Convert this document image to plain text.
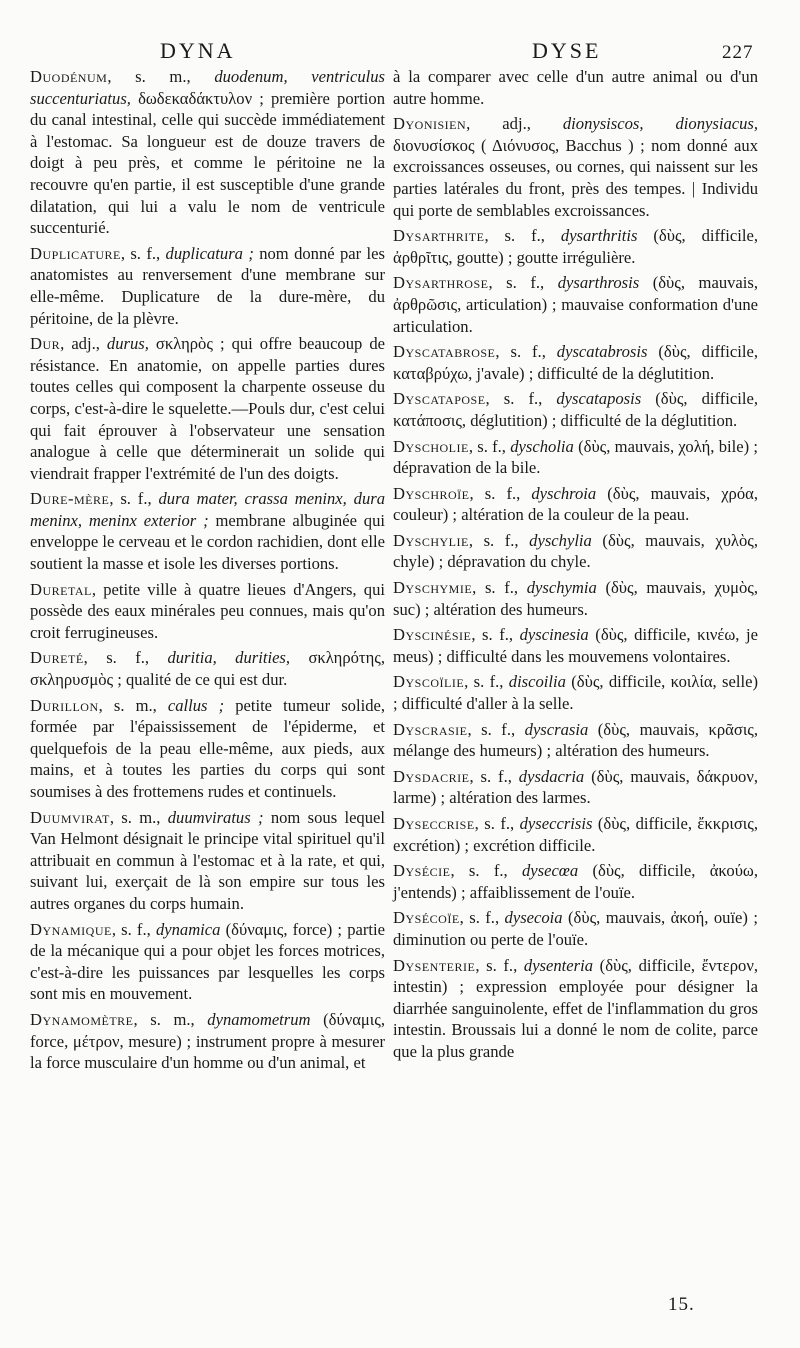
DYNA	DYSE	227

Duodénum, s. m., duodenum, ventriculus succenturiatus, δωδεκαδάκτυλον ; première portion du canal intestinal, celle qui succède immédiatement à l'estomac. Sa longueur est de douze travers de doigt à peu près, et comme le péritoine ne la recouvre qu'en partie, il est susceptible d'une grande dilatation, qui lui a valu le nom de ventricule succenturié.

Duplicature, s. f., duplicatura ; nom donné par les anatomistes au renversement d'une membrane sur elle-même. Duplicature de la dure-mère, du péritoine, de la plèvre.

Dur, adj., durus, σκληρὸς ; qui offre beaucoup de résistance. En anatomie, on appelle parties dures toutes celles qui composent la charpente osseuse du corps, c'est-à-dire le squelette.—Pouls dur, c'est celui qui fait éprouver à l'observateur une sensation analogue à celle que déterminerait un solide qui viendrait frapper l'extrémité de l'un des doigts.

Dure-mère, s. f., dura mater, crassa meninx, dura meninx, meninx exterior ; membrane albuginée qui enveloppe le cerveau et le cordon rachidien, dont elle soutient la masse et isole les diverses portions.

Duretal, petite ville à quatre lieues d'Angers, qui possède des eaux minérales peu connues, mais qu'on croit ferrugineuses.

Dureté, s. f., duritia, durities, σκληρότης, σκληρυσμὸς ; qualité de ce qui est dur.

Durillon, s. m., callus ; petite tumeur solide, formée par l'épaississement de l'épiderme, et quelquefois de la peau elle-même, aux pieds, aux mains, et à toutes les parties du corps qui sont soumises à des frottemens rudes et continuels.

Duumvirat, s. m., duumviratus ; nom sous lequel Van Helmont désignait le principe vital spirituel qu'il attribuait en commun à l'estomac et à la rate, et qui, suivant lui, exerçait de là son empire sur tous les autres organes du corps humain.

Dynamique, s. f., dynamica (δύναμις, force) ; partie de la mécanique qui a pour objet les forces motrices, c'est-à-dire les puissances par lesquelles les corps sont mis en mouvement.

Dynamomètre, s. m., dynamometrum (δύναμις, force, μέτρον, mesure) ; instrument propre à mesurer la force musculaire d'un homme ou d'un animal, et

à la comparer avec celle d'un autre animal ou d'un autre homme.

Dyonisien, adj., dionysiscos, dionysiacus, διονυσίσκος ( Διόνυσος, Bacchus ) ; nom donné aux excroissances osseuses, ou cornes, qui naissent sur les parties latérales du front, près des tempes. | Individu qui porte de semblables excroissances.

Dysarthrite, s. f., dysarthritis (δὺς, difficile, ἀρθρῖτις, goutte) ; goutte irrégulière.

Dysarthrose, s. f., dysarthrosis (δὺς, mauvais, ἀρθρῶσις, articulation) ; mauvaise conformation d'une articulation.

Dyscatabrose, s. f., dyscatabrosis (δὺς, difficile, καταβρύχω, j'avale) ; difficulté de la déglutition.

Dyscataposе, s. f., dyscataposis (δὺς, difficile, κατάποσις, déglutition) ; difficulté de la déglutition.

Dyscholie, s. f., dyscholia (δὺς, mauvais, χολή, bile) ; dépravation de la bile.

Dyschroïe, s. f., dyschroia (δὺς, mauvais, χρόα, couleur) ; altération de la couleur de la peau.

Dyschylie, s. f., dyschylia (δὺς, mauvais, χυλὸς, chyle) ; dépravation du chyle.

Dyschymie, s. f., dyschymia (δὺς, mauvais, χυμὸς, suc) ; altération des humeurs.

Dyscinésie, s. f., dyscinesia (δὺς, difficile, κινέω, je meus) ; difficulté dans les mouvemens volontaires.

Dyscoïlie, s. f., discoilia (δὺς, difficile, κοιλία, selle) ; difficulté d'aller à la selle.

Dyscrasie, s. f., dyscrasia (δὺς, mauvais, κρᾶσις, mélange des humeurs) ; altération des humeurs.

Dysdacrie, s. f., dysdacria (δὺς, mauvais, δάκρυον, larme) ; altération des larmes.

Dyseccrise, s. f., dyseccrisis (δὺς, difficile, ἔκκρισις, excrétion) ; excrétion difficile.

Dysécie, s. f., dysecœa (δὺς, difficile, ἀκούω, j'entends) ; affaiblissement de l'ouïe.

Dysécoïe, s. f., dysecoia (δὺς, mauvais, ἀκοή, ouïe) ; diminution ou perte de l'ouïe.

Dysenterie, s. f., dysenteria (δὺς, difficile, ἔντερον, intestin) ; expression employée pour désigner la diarrhée sanguinolente, effet de l'inflammation du gros intestin. Broussais lui a donné le nom de colite, parce que la plus grande

15.
